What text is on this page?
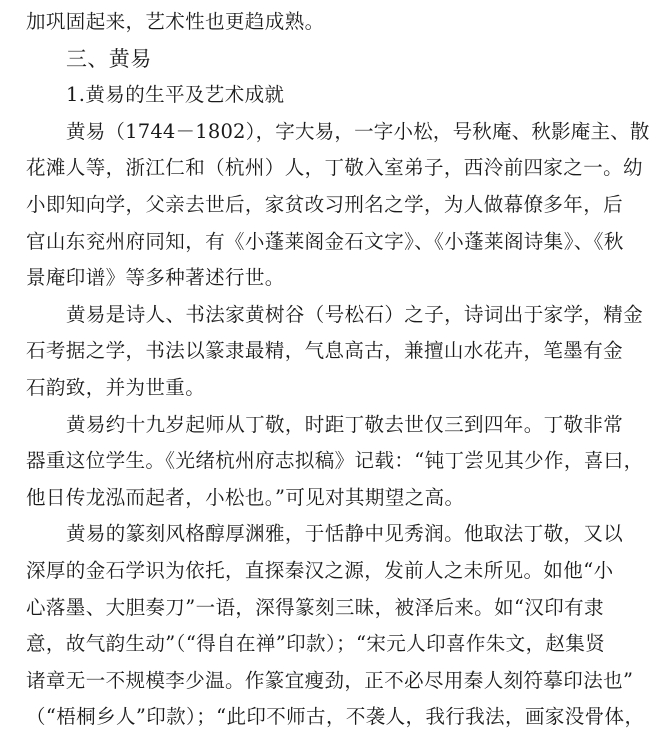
加巩固起来，艺术性也更趋成熟。
三、黄易
1.黄易的生平及艺术成就
黄易（1744－1802），字大易，一字小松，号秋庵、秋影庵主、散
花滩人等，浙江仁和（杭州）人，丁敬入室弟子，西泠前四家之一。幼
小即知向学，父亲去世后，家贫改习刑名之学，为人做幕僚多年，后
官山东兖州府同知，有《小蓬莱阁金石文字》、《小蓬莱阁诗集》、《秋
景庵印谱》等多种著述行世。
黄易是诗人、书法家黄树谷（号松石）之子，诗词出于家学，精金
石考据之学，书法以篆隶最精，气息高古，兼擅山水花卉，笔墨有金
石韵致，并为世重。
黄易约十九岁起师从丁敬，时距丁敬去世仅三到四年。丁敬非常
器重这位学生。《光绪杭州府志拟稿》记载：“钝丁尝见其少作，喜曰，
他日传龙泓而起者，小松也。”可见对其期望之高。
黄易的篆刻风格醇厚渊雅，于恬静中见秀润。他取法丁敬，又以
深厚的金石学识为依托，直探秦汉之源，发前人之未所见。如他“小
心落墨、大胆奏刀”一语，深得篆刻三昧，被泽后来。如“汉印有隶
意，故气韵生动”（“得自在禅”印款）；“宋元人印喜作朱文，赵集贤
诸章无一不规模李少温。作篆宜瘦劲，正不必尽用秦人刻符摹印法也”
（“梧桐乡人”印款）；“此印不师古，不袭人，我行我法，画家没骨体，
